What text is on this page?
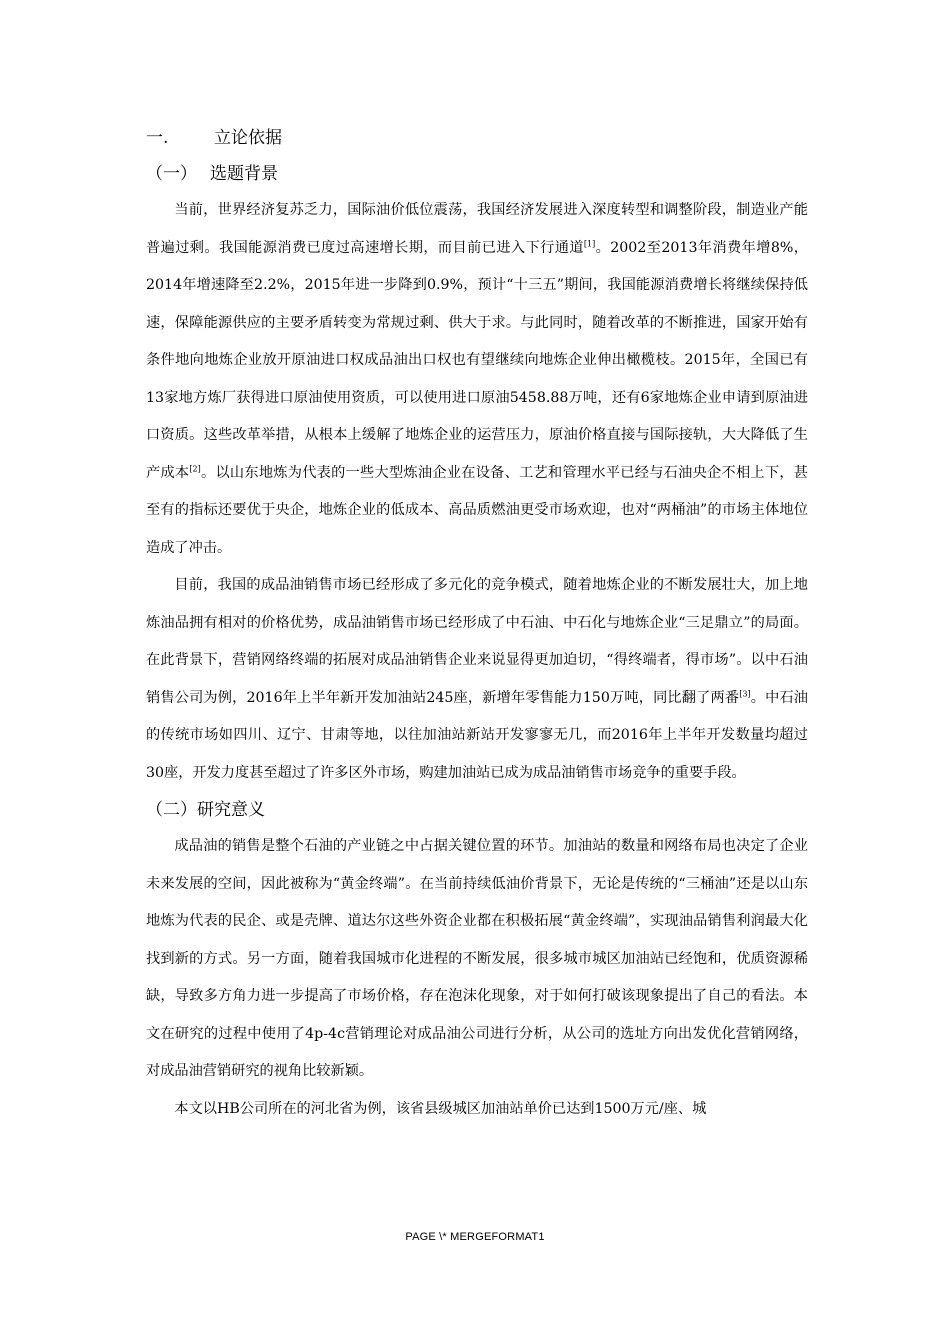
一.	立论依据
（一） 选题背景

当前，世界经济复苏乏力，国际油价低位震荡，我国经济发展进入深度转型和调整阶段，制造业产能普遍过剩。我国能源消费已度过高速增长期，而目前已进入下行通道[1]。2002至2013年消费年增8%，2014年增速降至2.2%，2015年进一步降到0.9%，预计“十三五”期间，我国能源消费增长将继续保持低速，保障能源供应的主要矛盾转变为常规过剩、供大于求。与此同时，随着改革的不断推进，国家开始有条件地向地炼企业放开原油进口权成品油出口权也有望继续向地炼企业伸出橄榄枝。2015年，全国已有13家地方炼厂获得进口原油使用资质，可以使用进口原油5458.88万吨，还有6家地炼企业申请到原油进口资质。这些改革举措，从根本上缓解了地炼企业的运营压力，原油价格直接与国际接轨，大大降低了生产成本[2]。以山东地炼为代表的一些大型炼油企业在设备、工艺和管理水平已经与石油央企不相上下，甚至有的指标还要优于央企，地炼企业的低成本、高品质燃油更受市场欢迎，也对“两桶油”的市场主体地位造成了冲击。

目前，我国的成品油销售市场已经形成了多元化的竞争模式，随着地炼企业的不断发展壮大，加上地炼油品拥有相对的价格优势，成品油销售市场已经形成了中石油、中石化与地炼企业“三足鼎立”的局面。在此背景下，营销网络终端的拓展对成品油销售企业来说显得更加迫切，“得终端者，得市场”。以中石油销售公司为例，2016年上半年新开发加油站245座，新增年零售能力150万吨，同比翻了两番[3]。中石油的传统市场如四川、辽宁、甘肃等地，以往加油站新站开发寥寥无几，而2016年上半年开发数量均超过30座，开发力度甚至超过了许多区外市场，购建加油站已成为成品油销售市场竞争的重要手段。

（二）研究意义

成品油的销售是整个石油的产业链之中占据关键位置的环节。加油站的数量和网络布局也决定了企业未来发展的空间，因此被称为“黄金终端”。在当前持续低油价背景下，无论是传统的“三桶油”还是以山东地炼为代表的民企、或是壳牌、道达尔这些外资企业都在积极拓展“黄金终端”，实现油品销售利润最大化找到新的方式。另一方面，随着我国城市化进程的不断发展，很多城市城区加油站已经饱和，优质资源稀缺，导致多方角力进一步提高了市场价格，存在泡沫化现象，对于如何打破该现象提出了自己的看法。本文在研究的过程中使用了4p-4c营销理论对成品油公司进行分析，从公司的选址方向出发优化营销网络，对成品油营销研究的视角比较新颖。

本文以HB公司所在的河北省为例，该省县级城区加油站单价已达到1500万元/座、城

PAGE \* MERGEFORMAT1
